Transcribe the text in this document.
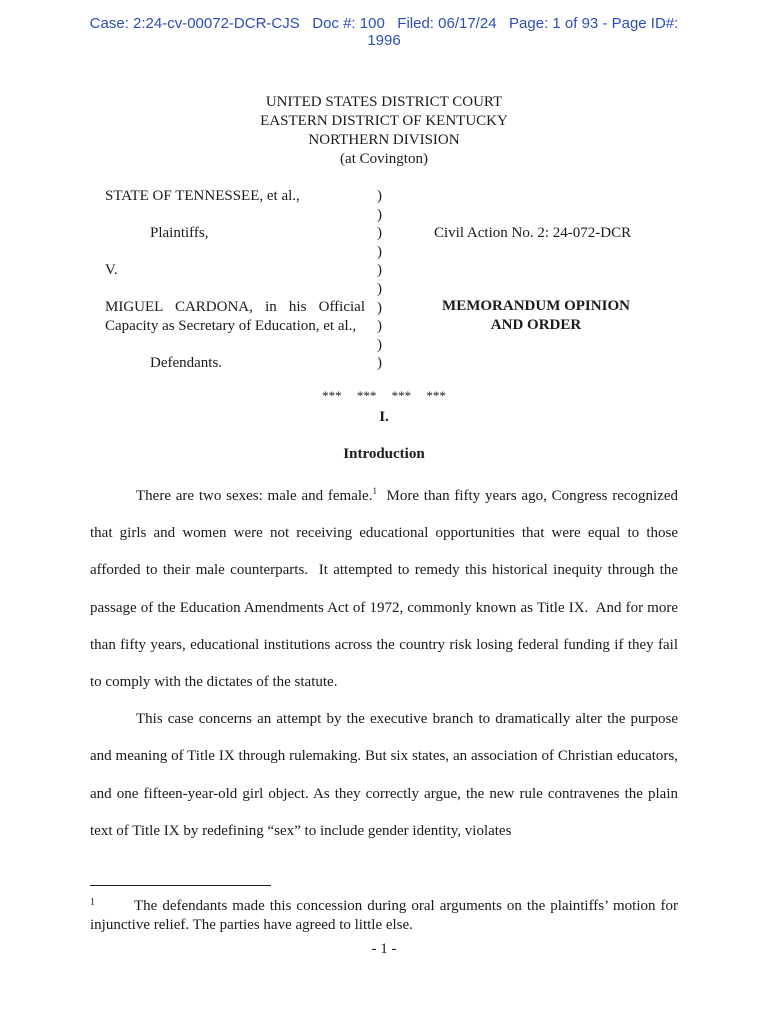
Case: 2:24-cv-00072-DCR-CJS   Doc #: 100   Filed: 06/17/24   Page: 1 of 93 - Page ID#:
1996
UNITED STATES DISTRICT COURT
EASTERN DISTRICT OF KENTUCKY
NORTHERN DIVISION
(at Covington)
STATE OF TENNESSEE, et al.,
Plaintiffs,
V.
MIGUEL CARDONA, in his Official Capacity as Secretary of Education, et al.,
Defendants.
)
)
)
)
)
)
)
)
)
)
Civil Action No. 2: 24-072-DCR
MEMORANDUM OPINION
AND ORDER
*** *** *** ***
I.
Introduction

There are two sexes: male and female.$^1$  More than fifty years ago, Congress recognized that girls and women were not receiving educational opportunities that were equal to those afforded to their male counterparts.  It attempted to remedy this historical inequity through the passage of the Education Amendments Act of 1972, commonly known as Title IX.  And for more than fifty years, educational institutions across the country risk losing federal funding if they fail to comply with the dictates of the statute.

This case concerns an attempt by the executive branch to dramatically alter the purpose and meaning of Title IX through rulemaking. But six states, an association of Christian educators, and one fifteen-year-old girl object. As they correctly argue, the new rule contravenes the plain text of Title IX by redefining “sex” to include gender identity, violates

1	The defendants made this concession during oral arguments on the plaintiffs’ motion for injunctive relief. The parties have agreed to little else.
- 1 -
